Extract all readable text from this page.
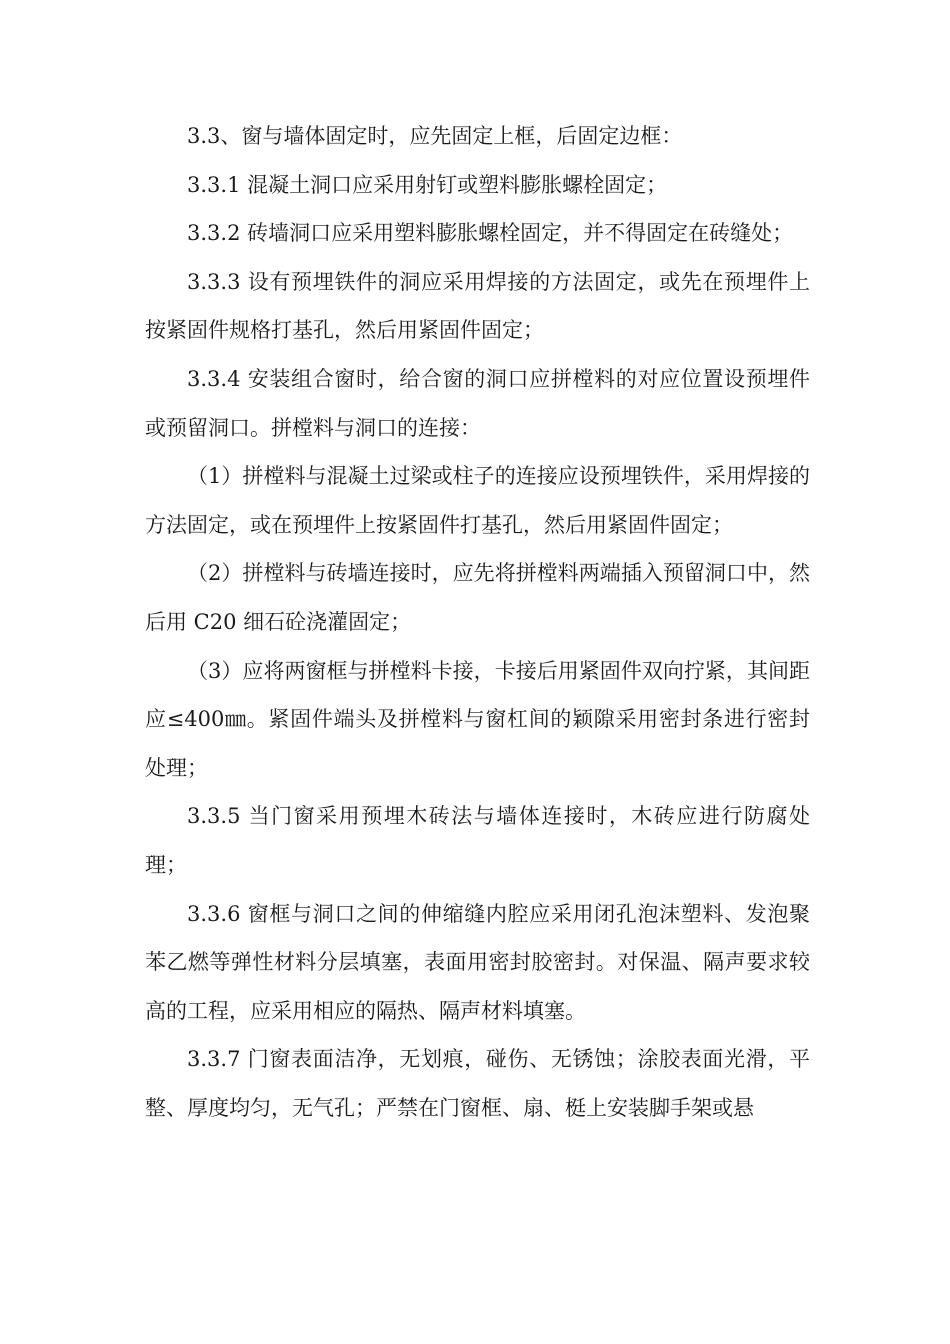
3.3、窗与墙体固定时，应先固定上框，后固定边框：

3.3.1 混凝土洞口应采用射钉或塑料膨胀螺栓固定；

3.3.2 砖墙洞口应采用塑料膨胀螺栓固定，并不得固定在砖缝处；

3.3.3 设有预埋铁件的洞应采用焊接的方法固定，或先在预埋件上按紧固件规格打基孔，然后用紧固件固定；

3.3.4 安装组合窗时，给合窗的洞口应拼樘料的对应位置设预埋件或预留洞口。拼樘料与洞口的连接：

（1）拼樘料与混凝土过梁或柱子的连接应设预埋铁件，采用焊接的方法固定，或在预埋件上按紧固件打基孔，然后用紧固件固定；

（2）拼樘料与砖墙连接时，应先将拼樘料两端插入预留洞口中，然后用 C20 细石砼浇灌固定；

（3）应将两窗框与拼樘料卡接，卡接后用紧固件双向拧紧，其间距应≤400㎜。紧固件端头及拼樘料与窗杠间的颖隙采用密封条进行密封处理；

3.3.5 当门窗采用预埋木砖法与墙体连接时，木砖应进行防腐处理；

3.3.6 窗框与洞口之间的伸缩缝内腔应采用闭孔泡沫塑料、发泡聚苯乙燃等弹性材料分层填塞，表面用密封胶密封。对保温、隔声要求较高的工程，应采用相应的隔热、隔声材料填塞。

3.3.7 门窗表面洁净，无划痕，碰伤、无锈蚀；涂胶表面光滑，平整、厚度均匀，无气孔；严禁在门窗框、扇、梃上安装脚手架或悬
